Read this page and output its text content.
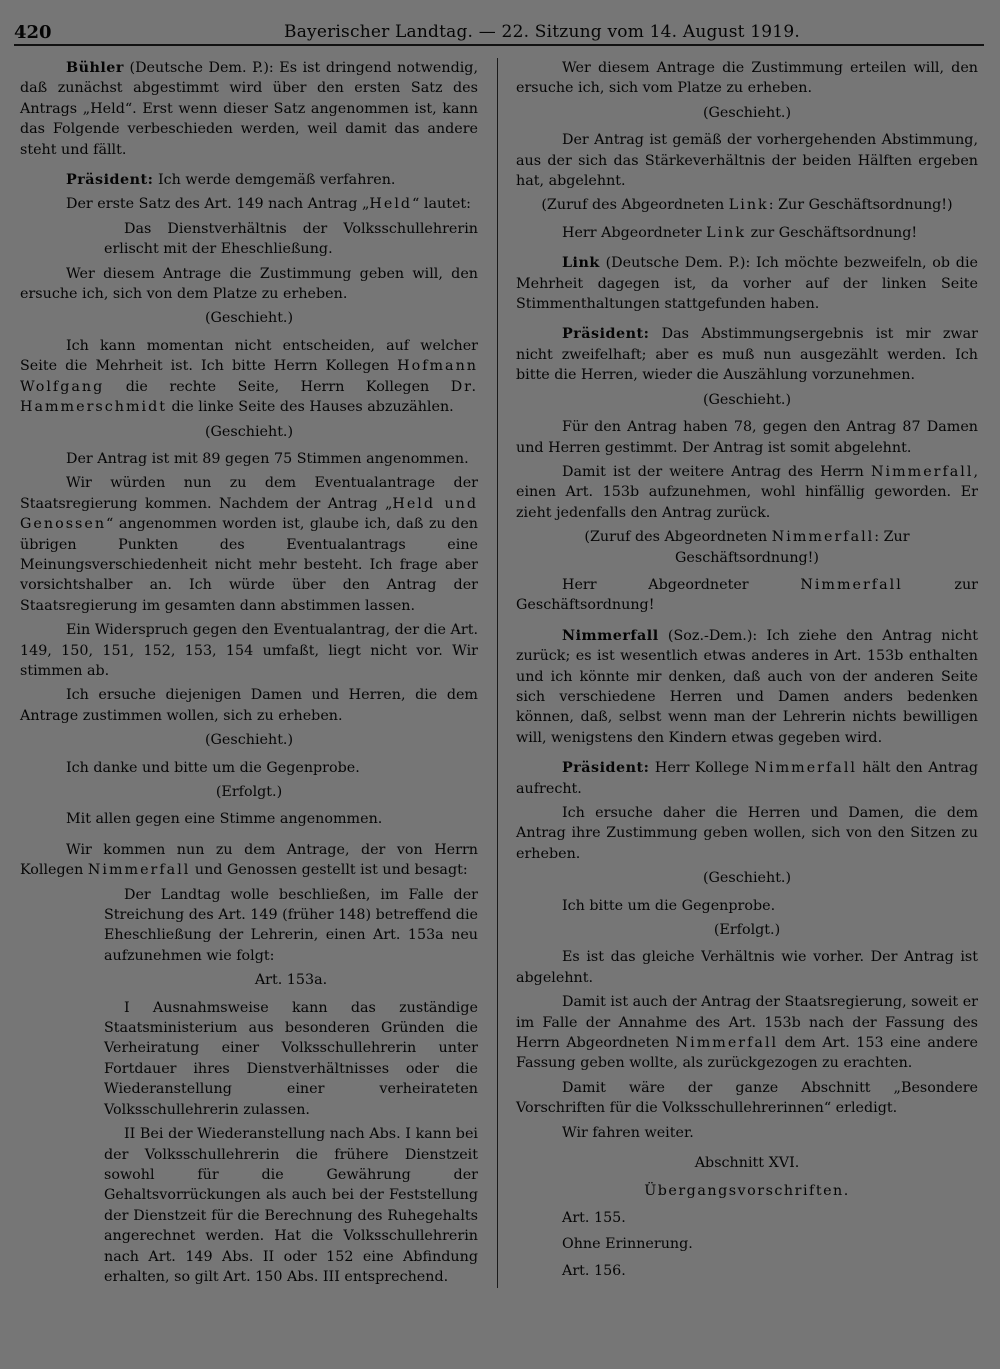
420	Bayerischer Landtag. — 22. Sitzung vom 14. August 1919.

Bühler (Deutsche Dem. P.): Es ist dringend notwendig, daß zunächst abgestimmt wird über den ersten Satz des Antrags „Held“. Erst wenn dieser Satz angenommen ist, kann das Folgende verbeschieden werden, weil damit das andere steht und fällt.

Präsident: Ich werde demgemäß verfahren.

Der erste Satz des Art. 149 nach Antrag „Held“ lautet:

Das Dienstverhältnis der Volksschullehrerin erlischt mit der Eheschließung.

Wer diesem Antrage die Zustimmung geben will, den ersuche ich, sich von dem Platze zu erheben.

(Geschieht.)

Ich kann momentan nicht entscheiden, auf welcher Seite die Mehrheit ist. Ich bitte Herrn Kollegen Hofmann Wolfgang die rechte Seite, Herrn Kollegen Dr. Hammerschmidt die linke Seite des Hauses abzuzählen.

(Geschieht.)

Der Antrag ist mit 89 gegen 75 Stimmen angenommen.

Wir würden nun zu dem Eventualantrage der Staatsregierung kommen. Nachdem der Antrag „Held und Genossen“ angenommen worden ist, glaube ich, daß zu den übrigen Punkten des Eventualantrags eine Meinungsverschiedenheit nicht mehr besteht. Ich frage aber vorsichtshalber an. Ich würde über den Antrag der Staatsregierung im gesamten dann abstimmen lassen.

Ein Widerspruch gegen den Eventualantrag, der die Art. 149, 150, 151, 152, 153, 154 umfaßt, liegt nicht vor. Wir stimmen ab.

Ich ersuche diejenigen Damen und Herren, die dem Antrage zustimmen wollen, sich zu erheben.

(Geschieht.)

Ich danke und bitte um die Gegenprobe.

(Erfolgt.)

Mit allen gegen eine Stimme angenommen.

Wir kommen nun zu dem Antrage, der von Herrn Kollegen Nimmerfall und Genossen gestellt ist und besagt:

Der Landtag wolle beschließen, im Falle der Streichung des Art. 149 (früher 148) betreffend die Eheschließung der Lehrerin, einen Art. 153a neu aufzunehmen wie folgt:

Art. 153a.

I Ausnahmsweise kann das zuständige Staatsministerium aus besonderen Gründen die Verheiratung einer Volksschullehrerin unter Fortdauer ihres Dienstverhältnisses oder die Wiederanstellung einer verheirateten Volksschullehrerin zulassen.

II Bei der Wiederanstellung nach Abs. I kann bei der Volksschullehrerin die frühere Dienstzeit sowohl für die Gewährung der Gehaltsvorrückungen als auch bei der Feststellung der Dienstzeit für die Berechnung des Ruhegehalts angerechnet werden. Hat die Volksschullehrerin nach Art. 149 Abs. II oder 152 eine Abfindung erhalten, so gilt Art. 150 Abs. III entsprechend.

Wer diesem Antrage die Zustimmung erteilen will, den ersuche ich, sich vom Platze zu erheben.

(Geschieht.)

Der Antrag ist gemäß der vorhergehenden Abstimmung, aus der sich das Stärkeverhältnis der beiden Hälften ergeben hat, abgelehnt.

(Zuruf des Abgeordneten Link: Zur Geschäftsordnung!)

Herr Abgeordneter Link zur Geschäftsordnung!

Link (Deutsche Dem. P.): Ich möchte bezweifeln, ob die Mehrheit dagegen ist, da vorher auf der linken Seite Stimmenthaltungen stattgefunden haben.

Präsident: Das Abstimmungsergebnis ist mir zwar nicht zweifelhaft; aber es muß nun ausgezählt werden. Ich bitte die Herren, wieder die Auszählung vorzunehmen.

(Geschieht.)

Für den Antrag haben 78, gegen den Antrag 87 Damen und Herren gestimmt. Der Antrag ist somit abgelehnt.

Damit ist der weitere Antrag des Herrn Nimmerfall, einen Art. 153b aufzunehmen, wohl hinfällig geworden. Er zieht jedenfalls den Antrag zurück.

(Zuruf des Abgeordneten Nimmerfall: Zur Geschäftsordnung!)

Herr Abgeordneter Nimmerfall zur Geschäftsordnung!

Nimmerfall (Soz.-Dem.): Ich ziehe den Antrag nicht zurück; es ist wesentlich etwas anderes in Art. 153b enthalten und ich könnte mir denken, daß auch von der anderen Seite sich verschiedene Herren und Damen anders bedenken können, daß, selbst wenn man der Lehrerin nichts bewilligen will, wenigstens den Kindern etwas gegeben wird.

Präsident: Herr Kollege Nimmerfall hält den Antrag aufrecht.

Ich ersuche daher die Herren und Damen, die dem Antrag ihre Zustimmung geben wollen, sich von den Sitzen zu erheben.

(Geschieht.)

Ich bitte um die Gegenprobe.

(Erfolgt.)

Es ist das gleiche Verhältnis wie vorher. Der Antrag ist abgelehnt.

Damit ist auch der Antrag der Staatsregierung, soweit er im Falle der Annahme des Art. 153b nach der Fassung des Herrn Abgeordneten Nimmerfall dem Art. 153 eine andere Fassung geben wollte, als zurückgezogen zu erachten.

Damit wäre der ganze Abschnitt „Besondere Vorschriften für die Volksschullehrerinnen“ erledigt.

Wir fahren weiter.

Abschnitt XVI.

Übergangsvorschriften.

Art. 155.

Ohne Erinnerung.

Art. 156.
